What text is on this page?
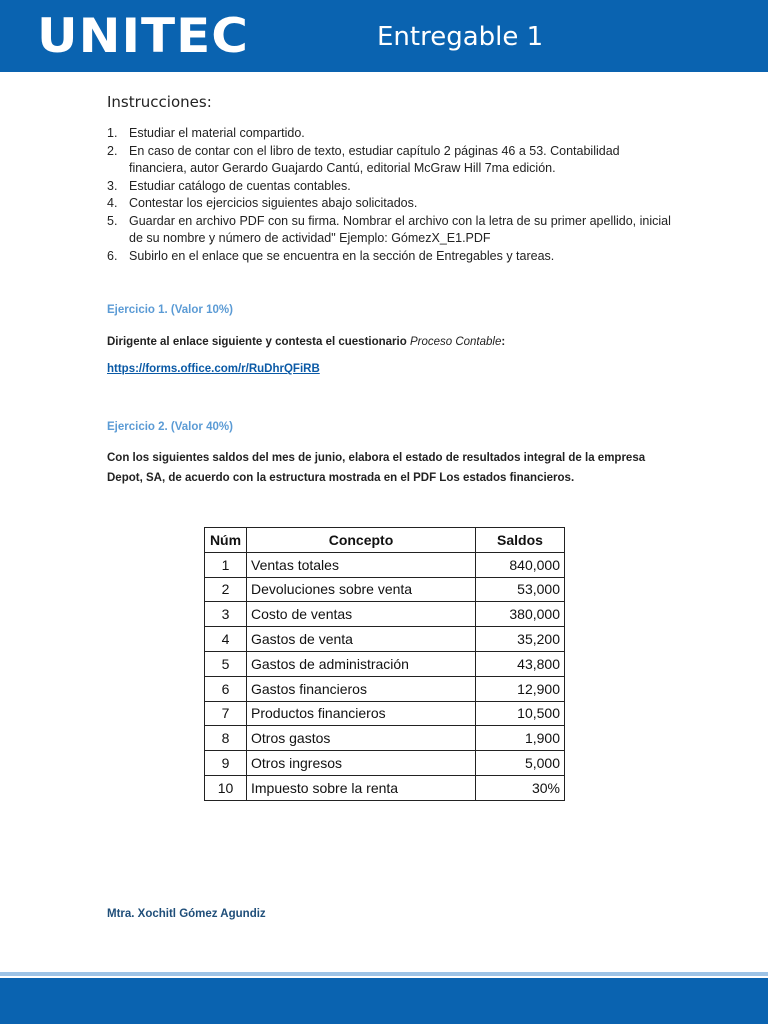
UNITEC	Entregable 1
Instrucciones:
1. Estudiar el material compartido.
2. En caso de contar con el libro de texto, estudiar capítulo 2 páginas 46 a 53. Contabilidad financiera, autor Gerardo Guajardo Cantú, editorial McGraw Hill 7ma edición.
3. Estudiar catálogo de cuentas contables.
4. Contestar los ejercicios siguientes abajo solicitados.
5. Guardar en archivo PDF con su firma. Nombrar el archivo con la letra de su primer apellido, inicial de su nombre y número de actividad" Ejemplo: GómezX_E1.PDF
6. Subirlo en el enlace que se encuentra en la sección de Entregables y tareas.
Ejercicio 1. (Valor 10%)
Dirigente al enlace siguiente y contesta el cuestionario Proceso Contable:
https://forms.office.com/r/RuDhrQFiRB
Ejercicio 2. (Valor 40%)
Con los siguientes saldos del mes de junio, elabora el estado de resultados integral de la empresa Depot, SA, de acuerdo con la estructura mostrada en el PDF Los estados financieros.
Núm	Concepto	Saldos
1	Ventas totales	840,000
2	Devoluciones sobre venta	53,000
3	Costo de ventas	380,000
4	Gastos de venta	35,200
5	Gastos de administración	43,800
6	Gastos financieros	12,900
7	Productos financieros	10,500
8	Otros gastos	1,900
9	Otros ingresos	5,000
10	Impuesto sobre la renta	30%
Mtra. Xochitl Gómez Agundiz
